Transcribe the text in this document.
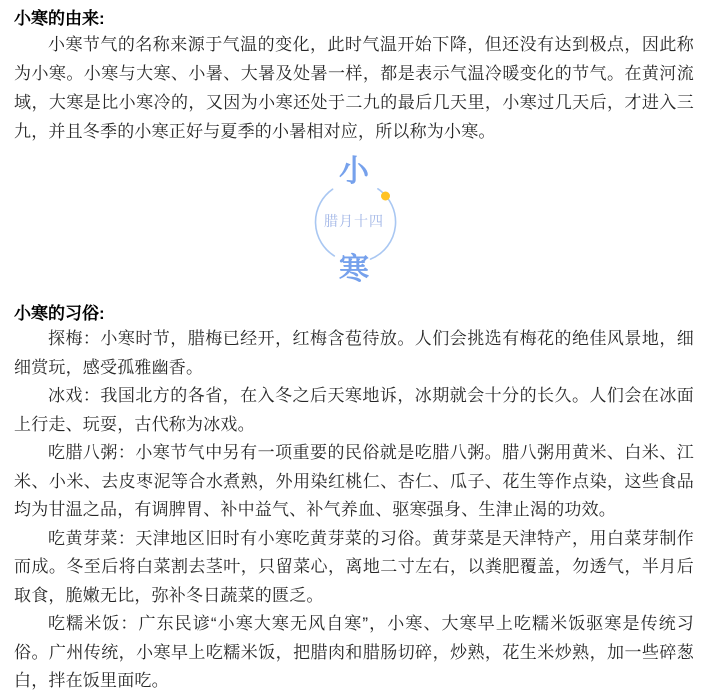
小寒的由来:

小寒节气的名称来源于气温的变化，此时气温开始下降，但还没有达到极点，因此称为小寒。小寒与大寒、小暑、大暑及处暑一样，都是表示气温冷暖变化的节气。在黄河流域，大寒是比小寒冷的，又因为小寒还处于二九的最后几天里，小寒过几天后，才进入三九，并且冬季的小寒正好与夏季的小暑相对应，所以称为小寒。

小
腊月十四
寒
小寒的习俗:

探梅：小寒时节，腊梅已经开，红梅含苞待放。人们会挑选有梅花的绝佳风景地，细细赏玩，感受孤雅幽香。

冰戏：我国北方的各省，在入冬之后天寒地诉，冰期就会十分的长久。人们会在冰面上行走、玩耍，古代称为冰戏。

吃腊八粥：小寒节气中另有一项重要的民俗就是吃腊八粥。腊八粥用黄米、白米、江米、小米、去皮枣泥等合水煮熟，外用染红桃仁、杏仁、瓜子、花生等作点染，这些食品均为甘温之品，有调脾胃、补中益气、补气养血、驱寒强身、生津止渴的功效。

吃黄芽菜：天津地区旧时有小寒吃黄芽菜的习俗。黄芽菜是天津特产，用白菜芽制作而成。冬至后将白菜割去茎叶，只留菜心，离地二寸左右，以粪肥覆盖，勿透气，半月后取食，脆嫩无比，弥补冬日蔬菜的匮乏。

吃糯米饭：广东民谚“小寒大寒无风自寒”，小寒、大寒早上吃糯米饭驱寒是传统习俗。广州传统，小寒早上吃糯米饭，把腊肉和腊肠切碎，炒熟，花生米炒熟，加一些碎葱白，拌在饭里面吃。
